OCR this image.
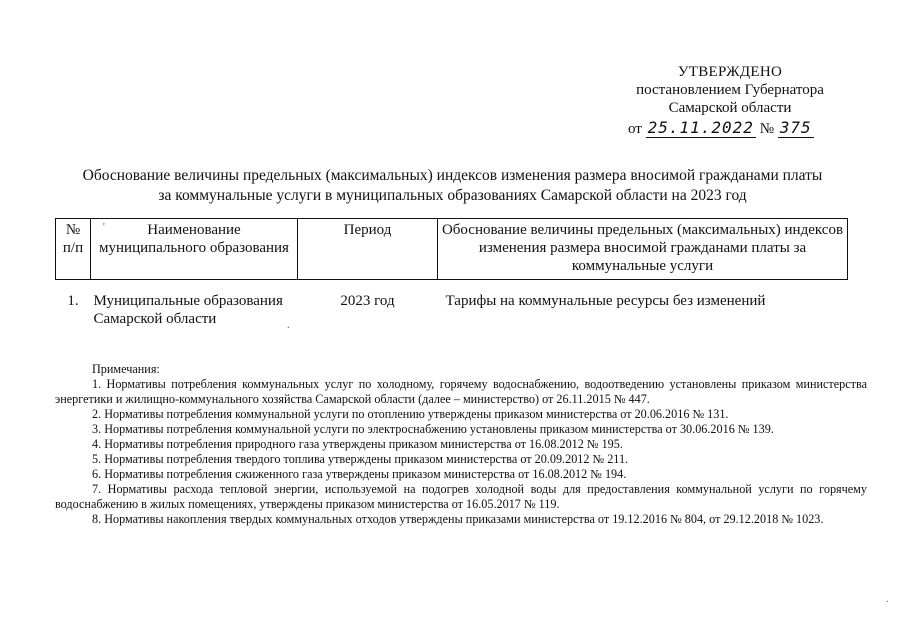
УТВЕРЖДЕНО
постановлением Губернатора
Самарской области
от 25.11.2022 № 375
Обоснование величины предельных (максимальных) индексов изменения размера вносимой гражданами платы
за коммунальные услуги в муниципальных образованиях Самарской области на 2023 год
№ п/п	Наименование муниципального образования	Период	Обоснование величины предельных (максимальных) индексов изменения размера вносимой гражданами платы за коммунальные услуги
1.	Муниципальные образования Самарской области	2023 год	Тарифы на коммунальные ресурсы без изменений

Примечания:

1. Нормативы потребления коммунальных услуг по холодному, горячему водоснабжению, водоотведению установлены приказом министерства энергетики и жилищно-коммунального хозяйства Самарской области (далее – министерство) от 26.11.2015 № 447.

2. Нормативы потребления коммунальной услуги по отоплению утверждены приказом министерства от 20.06.2016 № 131.

3. Нормативы потребления коммунальной услуги по электроснабжению установлены приказом министерства от 30.06.2016 № 139.

4. Нормативы потребления природного газа утверждены приказом министерства от 16.08.2012 № 195.

5. Нормативы потребления твердого топлива утверждены приказом министерства от 20.09.2012 № 211.

6. Нормативы потребления сжиженного газа утверждены приказом министерства от 16.08.2012 № 194.

7. Нормативы расхода тепловой энергии, используемой на подогрев холодной воды для предоставления коммунальной услуги по горячему водоснабжению в жилых помещениях, утверждены приказом министерства от 16.05.2017 № 119.

8. Нормативы накопления твердых коммунальных отходов утверждены приказами министерства от 19.12.2016 № 804, от 29.12.2018 № 1023.

'
.
.
